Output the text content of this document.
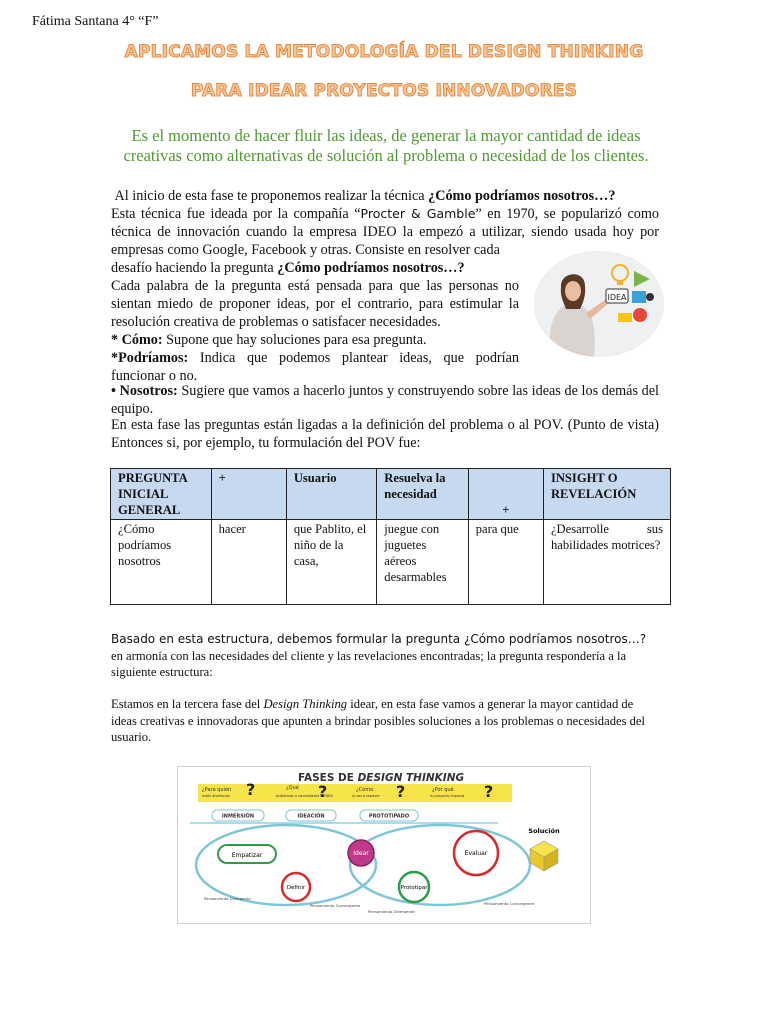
Fátima Santana 4° “F”
APLICAMOS LA METODOLOGÍA DEL DESIGN THINKING
PARA IDEAR PROYECTOS INNOVADORES
Es el momento de hacer fluir las ideas, de generar la mayor cantidad de ideas creativas como alternativas de solución al problema o necesidad de los clientes.
Al inicio de esta fase te proponemos realizar la técnica ¿Cómo podríamos nosotros…?
Esta técnica fue ideada por la compañía “Procter & Gamble” en 1970, se popularizó como técnica de innovación cuando la empresa IDEO la empezó a utilizar, siendo usada hoy por empresas como Google, Facebook y otras. Consiste en resolver cada
desafío haciendo la pregunta ¿Cómo podríamos nosotros…?
Cada palabra de la pregunta está pensada para que las personas no sientan miedo de proponer ideas, por el contrario, para estimular la resolución creativa de problemas o satisfacer necesidades.
* Cómo: Supone que hay soluciones para esa pregunta.
*Podríamos: Indica que podemos plantear ideas, que podrían funcionar o no.
• Nosotros: Sugiere que vamos a hacerlo juntos y construyendo sobre las ideas de los demás del equipo.
En esta fase las preguntas están ligadas a la definición del problema o al POV. (Punto de vista) Entonces si, por ejemplo, tu formulación del POV fue:
IDEA
PREGUNTA INICIAL GENERAL	+	Usuario	Resuelva la necesidad	+	INSIGHT O REVELACIÓN
¿Cómo podríamos nosotros	hacer	que Pablito, el niño de la casa,	juegue con juguetes aéreos desarmables	para que	¿Desarrolle sus habilidades motrices?
Basado en esta estructura, debemos formular la pregunta ¿Cómo podríamos nosotros…? en armonía con las necesidades del cliente y las revelaciones encontradas; la pregunta respondería a la siguiente estructura:
Estamos en la tercera fase del Design Thinking idear, en esta fase vamos a generar la mayor cantidad de ideas creativas e innovadoras que apunten a brindar posibles soluciones a los problemas o necesidades del usuario.
FASES DE DESIGN THINKING
¿Para quién
estás diseñando ?	¿Qué
problemas o necesidades TIENEN
?	¿Cómo
lo vas a resolver ?	¿Por qué
tu proyecto impacta ?
INMERSIÓN	IDEACIÓN	PROTOTIPADO
Empatizar
Definir
Idear
Prototipar
Evaluar
Pensamiento Divergente
Pensamiento Convergente
Pensamiento Divergente
Pensamiento Convergente
Solución
